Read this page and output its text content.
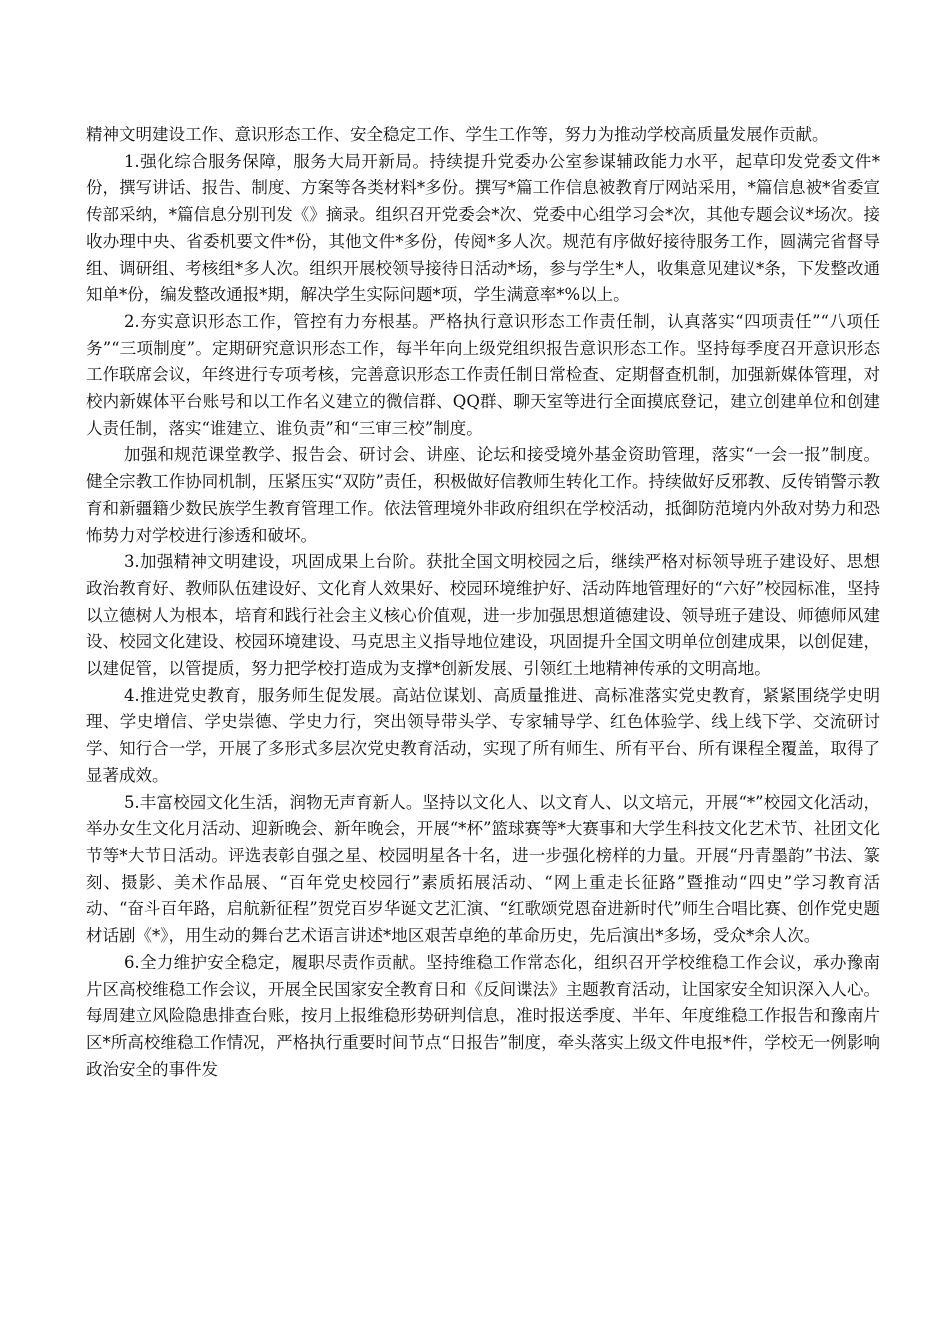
精神文明建设工作、意识形态工作、安全稳定工作、学生工作等，努力为推动学校高质量发展作贡献。

1.强化综合服务保障，服务大局开新局。持续提升党委办公室参谋辅政能力水平，起草印发党委文件*份，撰写讲话、报告、制度、方案等各类材料*多份。撰写*篇工作信息被教育厅网站采用，*篇信息被*省委宣传部采纳，*篇信息分别刊发《》摘录。组织召开党委会*次、党委中心组学习会*次，其他专题会议*场次。接收办理中央、省委机要文件*份，其他文件*多份，传阅*多人次。规范有序做好接待服务工作，圆满完省督导组、调研组、考核组*多人次。组织开展校领导接待日活动*场，参与学生*人，收集意见建议*条，下发整改通知单*份，编发整改通报*期，解决学生实际问题*项，学生满意率*%以上。

2.夯实意识形态工作，管控有力夯根基。严格执行意识形态工作责任制，认真落实“四项责任”“八项任务”“三项制度”。定期研究意识形态工作，每半年向上级党组织报告意识形态工作。坚持每季度召开意识形态工作联席会议，年终进行专项考核，完善意识形态工作责任制日常检查、定期督查机制，加强新媒体管理，对校内新媒体平台账号和以工作名义建立的微信群、QQ群、聊天室等进行全面摸底登记，建立创建单位和创建人责任制，落实“谁建立、谁负责”和“三审三校”制度。

加强和规范课堂教学、报告会、研讨会、讲座、论坛和接受境外基金资助管理，落实“一会一报”制度。健全宗教工作协同机制，压紧压实“双防”责任，积极做好信教师生转化工作。持续做好反邪教、反传销警示教育和新疆籍少数民族学生教育管理工作。依法管理境外非政府组织在学校活动，抵御防范境内外敌对势力和恐怖势力对学校进行渗透和破坏。

3.加强精神文明建设，巩固成果上台阶。获批全国文明校园之后，继续严格对标领导班子建设好、思想政治教育好、教师队伍建设好、文化育人效果好、校园环境维护好、活动阵地管理好的“六好”校园标准，坚持以立德树人为根本，培育和践行社会主义核心价值观，进一步加强思想道德建设、领导班子建设、师德师风建设、校园文化建设、校园环境建设、马克思主义指导地位建设，巩固提升全国文明单位创建成果，以创促建，以建促管，以管提质，努力把学校打造成为支撑*创新发展、引领红土地精神传承的文明高地。

4.推进党史教育，服务师生促发展。高站位谋划、高质量推进、高标准落实党史教育，紧紧围绕学史明理、学史增信、学史崇德、学史力行，突出领导带头学、专家辅导学、红色体验学、线上线下学、交流研讨学、知行合一学，开展了多形式多层次党史教育活动，实现了所有师生、所有平台、所有课程全覆盖，取得了显著成效。

5.丰富校园文化生活，润物无声育新人。坚持以文化人、以文育人、以文培元，开展“*”校园文化活动，举办女生文化月活动、迎新晚会、新年晚会，开展“*杯”篮球赛等*大赛事和大学生科技文化艺术节、社团文化节等*大节日活动。评选表彰自强之星、校园明星各十名，进一步强化榜样的力量。开展“丹青墨韵”书法、篆刻、摄影、美术作品展、“百年党史校园行”素质拓展活动、“网上重走长征路”暨推动“四史”学习教育活动、“奋斗百年路，启航新征程”贺党百岁华诞文艺汇演、“红歌颂党恩奋进新时代”师生合唱比赛、创作党史题材话剧《*》，用生动的舞台艺术语言讲述*地区艰苦卓绝的革命历史，先后演出*多场，受众*余人次。

6.全力维护安全稳定，履职尽责作贡献。坚持维稳工作常态化，组织召开学校维稳工作会议，承办豫南片区高校维稳工作会议，开展全民国家安全教育日和《反间谍法》主题教育活动，让国家安全知识深入人心。每周建立风险隐患排查台账，按月上报维稳形势研判信息，准时报送季度、半年、年度维稳工作报告和豫南片区*所高校维稳工作情况，严格执行重要时间节点“日报告”制度，牵头落实上级文件电报*件，学校无一例影响政治安全的事件发
